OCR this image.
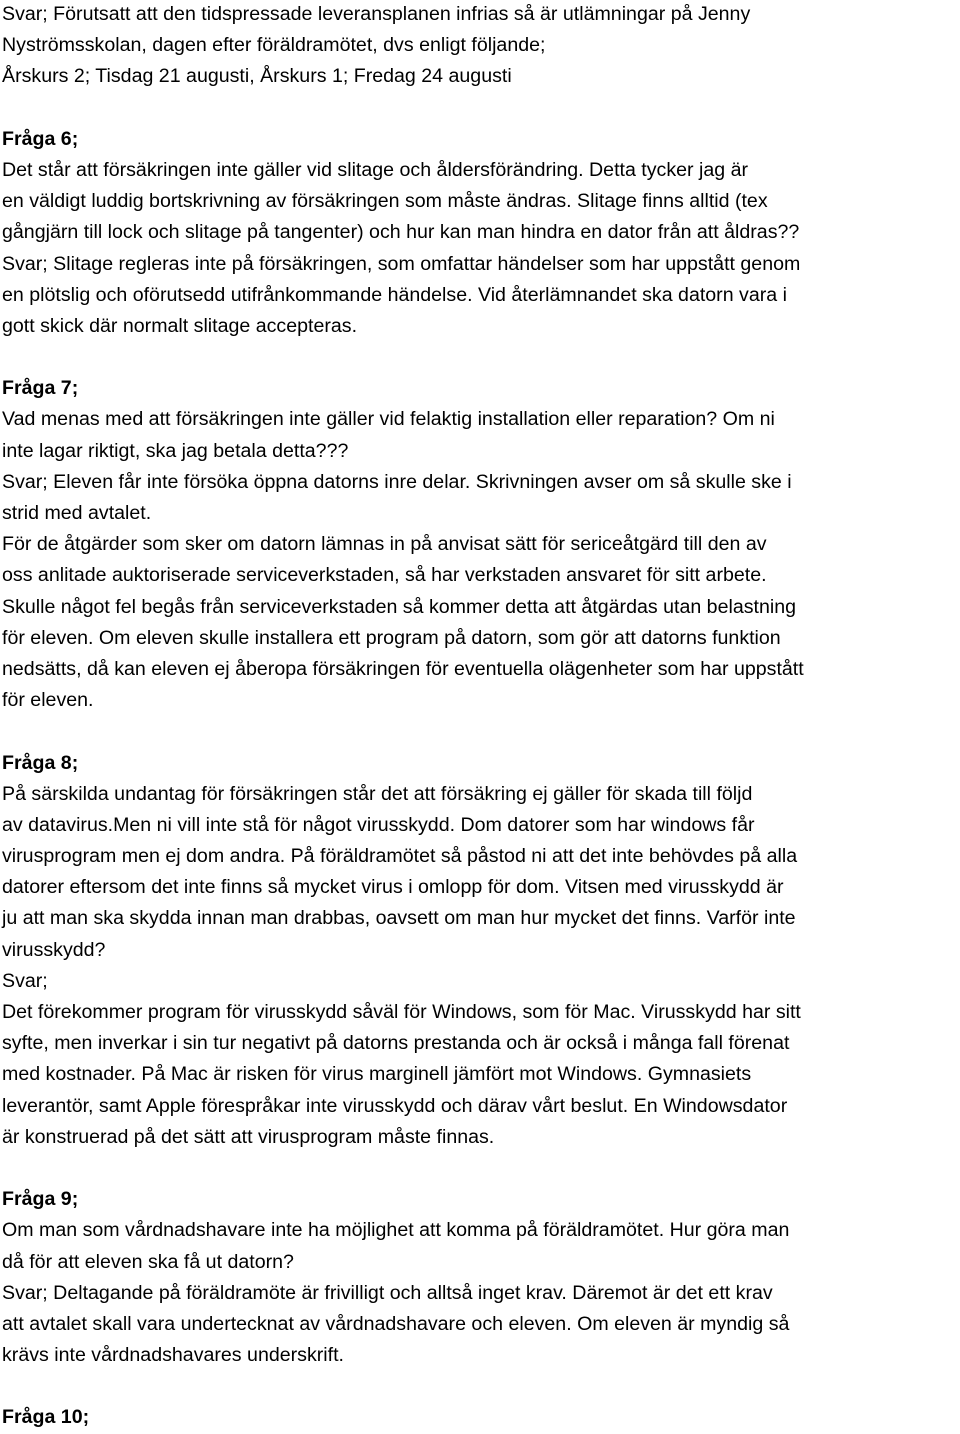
Svar; Förutsatt att den tidspressade leveransplanen infrias så är utlämningar på Jenny
Nyströmsskolan, dagen efter föräldramötet, dvs enligt följande;
Årskurs 2; Tisdag 21 augusti, Årskurs 1; Fredag 24 augusti
Fråga 6;
Det står att försäkringen inte gäller vid slitage och åldersförändring. Detta tycker jag är
en väldigt luddig bortskrivning av försäkringen som måste ändras. Slitage finns alltid (tex
gångjärn till lock och slitage på tangenter) och hur kan man hindra en dator från att åldras??
Svar; Slitage regleras inte på försäkringen, som omfattar händelser som har uppstått genom
en plötslig och oförutsedd utifrånkommande händelse. Vid återlämnandet ska datorn vara i
gott skick där normalt slitage accepteras.
Fråga 7;
Vad menas med att försäkringen inte gäller vid felaktig installation eller reparation? Om ni
inte lagar riktigt, ska jag betala detta???
Svar; Eleven får inte försöka öppna datorns inre delar. Skrivningen avser om så skulle ske i
strid med avtalet.
För de åtgärder som sker om datorn lämnas in på anvisat sätt för sericeåtgärd till den av
oss anlitade auktoriserade serviceverkstaden, så har verkstaden ansvaret för sitt arbete.
Skulle något fel begås från serviceverkstaden så kommer detta att åtgärdas utan belastning
för eleven. Om eleven skulle installera ett program på datorn, som gör att datorns funktion
nedsätts, då kan eleven ej åberopa försäkringen för eventuella olägenheter som har uppstått
för eleven.
Fråga 8;
På särskilda undantag för försäkringen står det att försäkring ej gäller för skada till följd
av datavirus.Men ni vill inte stå för något virusskydd. Dom datorer som har windows får
virusprogram men ej dom andra. På föräldramötet så påstod ni att det inte behövdes på alla
datorer eftersom det inte finns så mycket virus i omlopp för dom. Vitsen med virusskydd är
ju att man ska skydda innan man drabbas, oavsett om man hur mycket det finns. Varför inte
virusskydd?
Svar;
Det förekommer program för virusskydd såväl för Windows, som för Mac. Virusskydd har sitt
syfte, men inverkar i sin tur negativt på datorns prestanda och är också i många fall förenat
med kostnader. På Mac är risken för virus marginell jämfört mot Windows. Gymnasiets
leverantör, samt Apple förespråkar inte virusskydd och därav vårt beslut. En Windowsdator
är konstruerad på det sätt att virusprogram måste finnas.
Fråga 9;
Om man som vårdnadshavare inte ha möjlighet att komma på föräldramötet. Hur göra man
då för att eleven ska få ut datorn?
Svar; Deltagande på föräldramöte är frivilligt och alltså inget krav. Däremot är det ett krav
att avtalet skall vara undertecknat av vårdnadshavare och eleven. Om eleven är myndig så
krävs inte vårdnadshavares underskrift.
Fråga 10;
